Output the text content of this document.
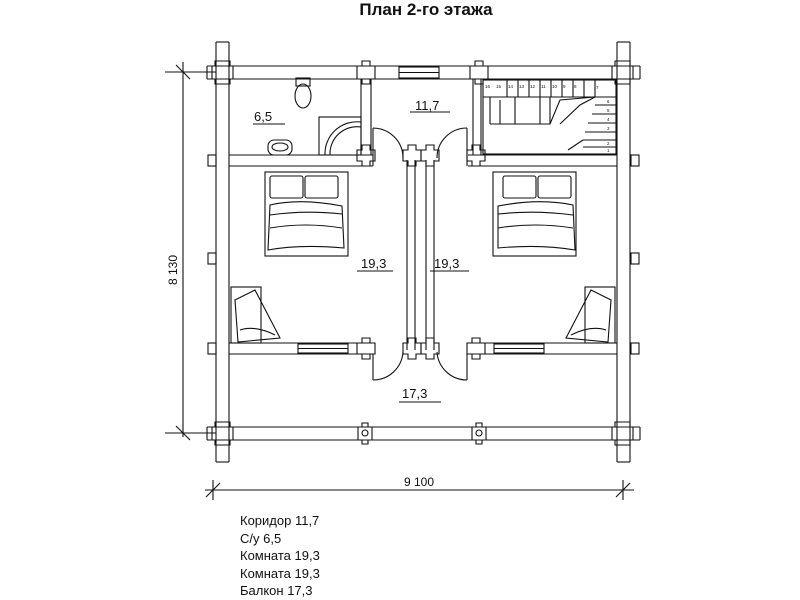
План 2-го этажа
16 15 14 13 12 11 10 9 8	7
6
5
4
3
2
1
6,5
11,7
19,3	19,3
17,3
8 130
9 100
Коридор 11,7
С/у 6,5
Комната 19,3
Комната 19,3
Балкон 17,3
